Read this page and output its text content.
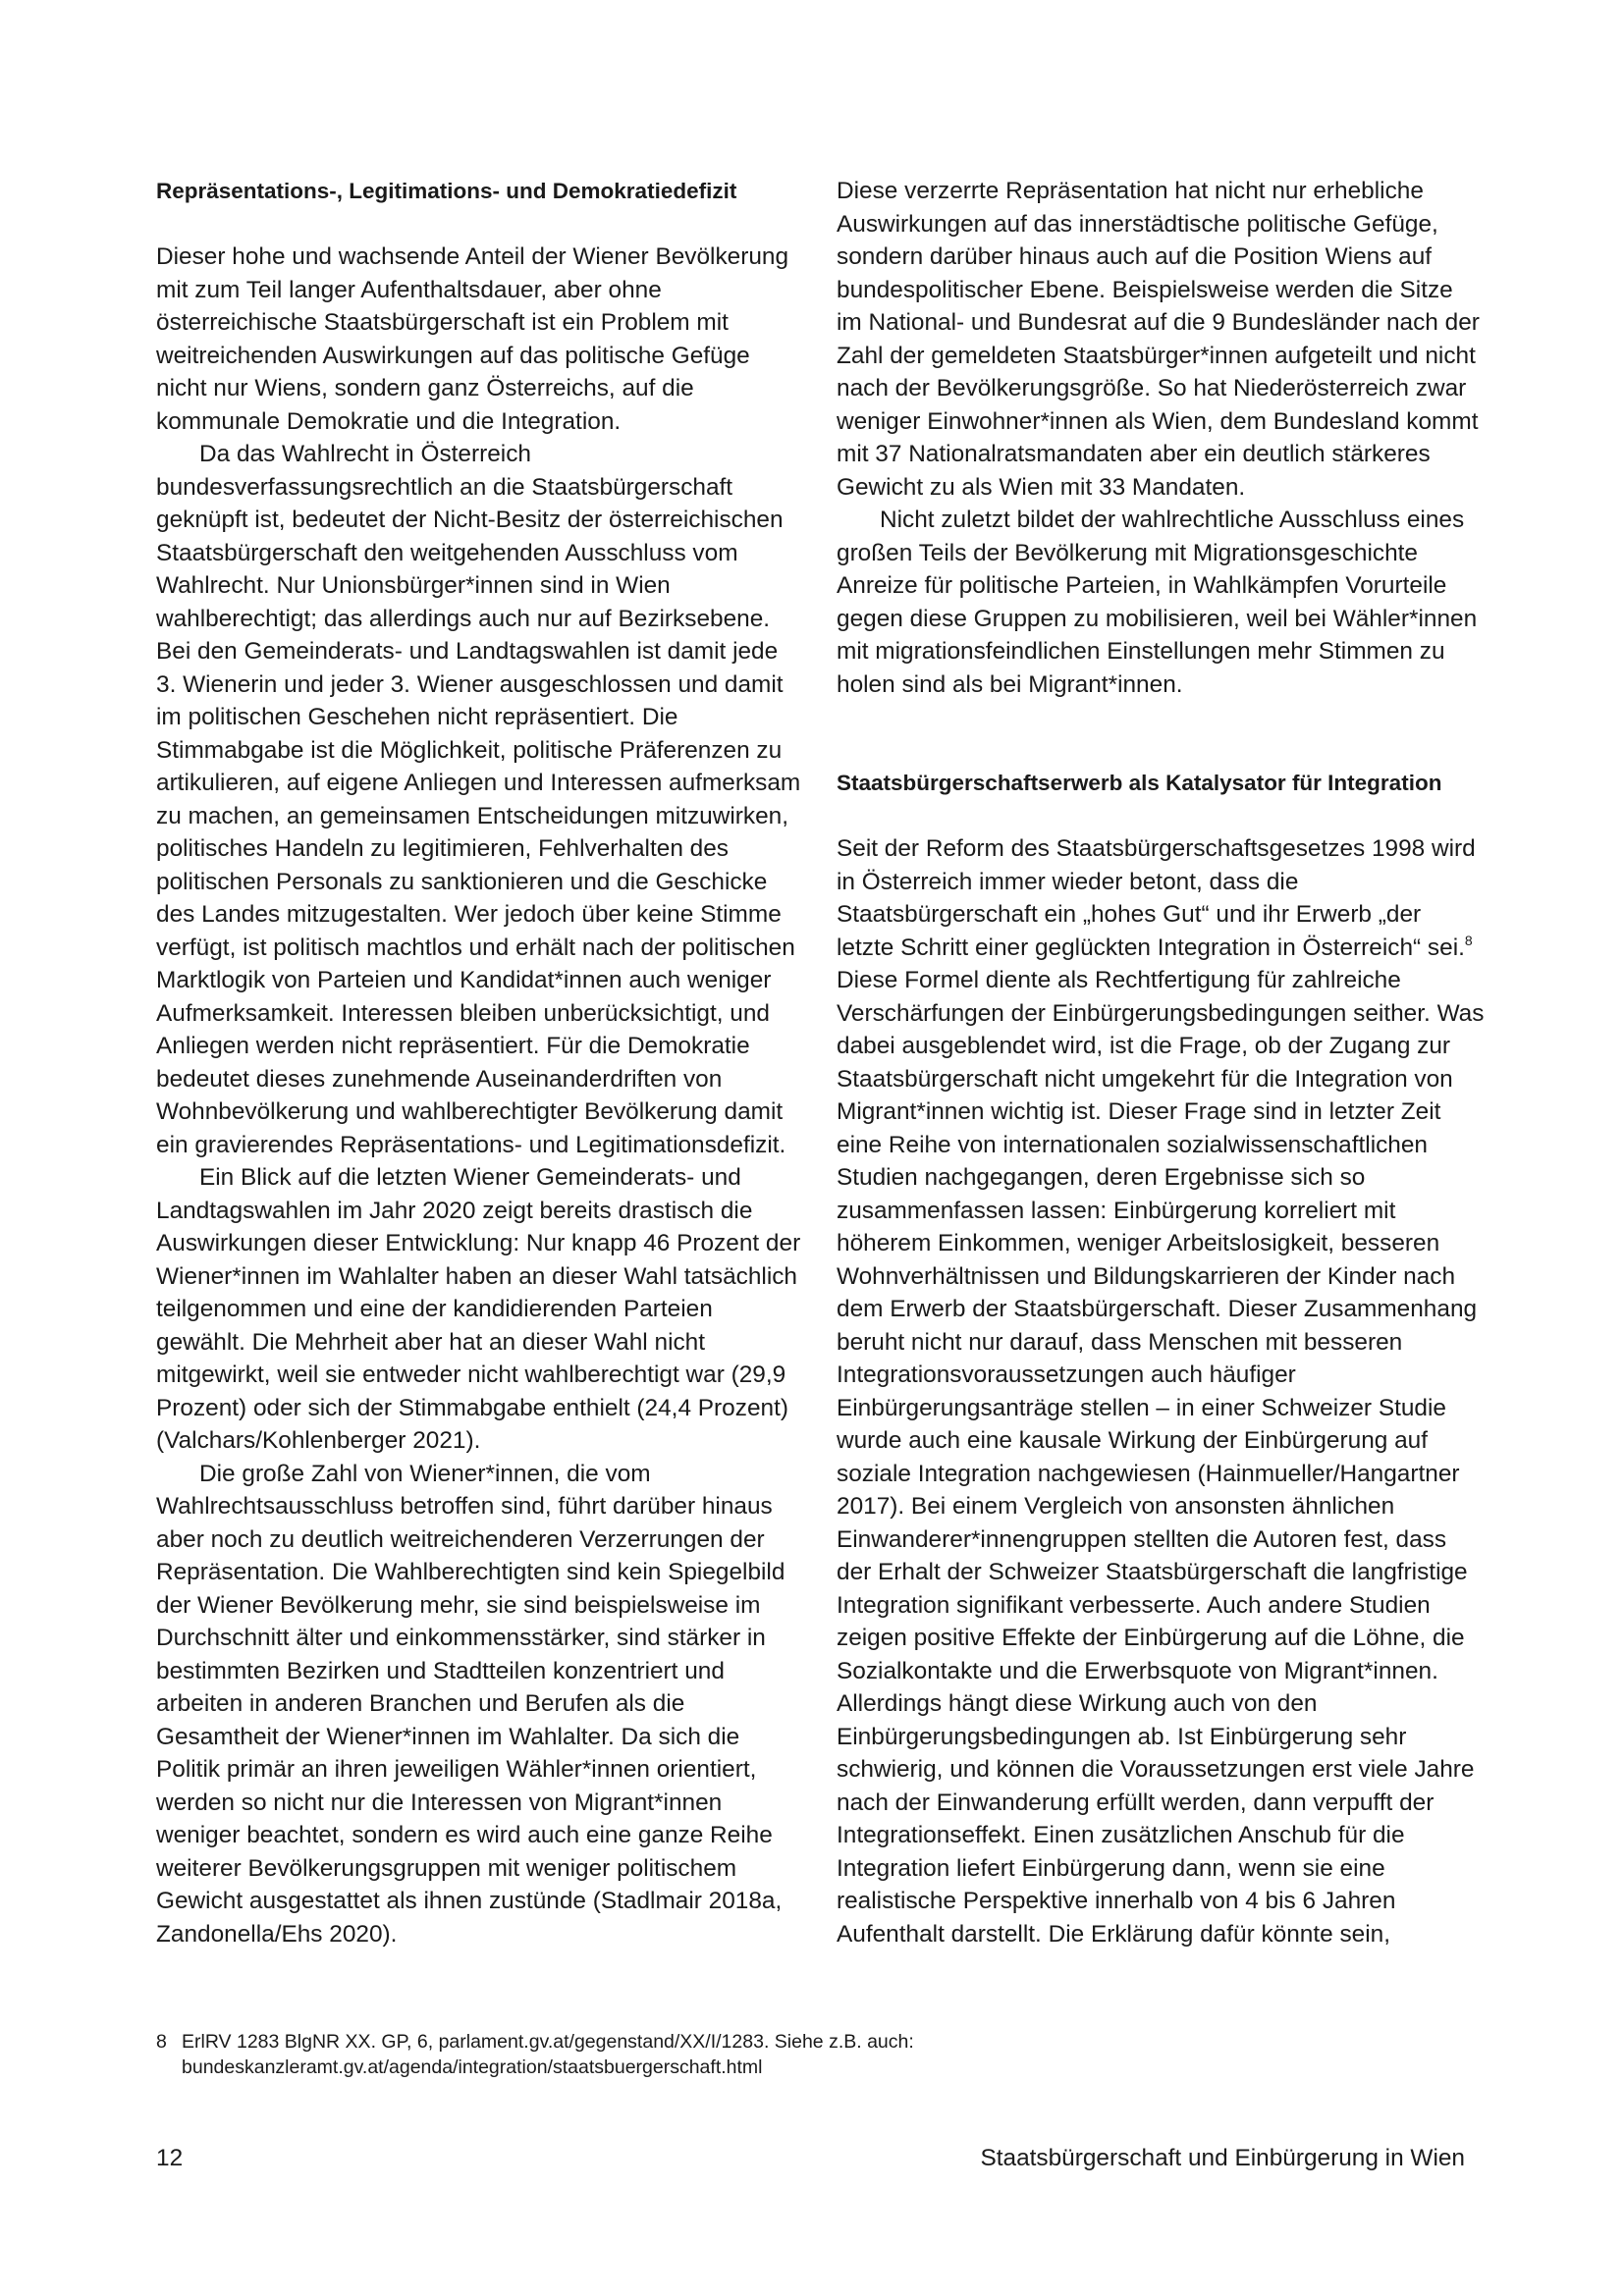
Repräsentations-, Legitimations- und Demokratiedefizit

Dieser hohe und wachsende Anteil der Wiener Bevölkerung mit zum Teil langer Aufenthaltsdauer, aber ohne österreichische Staatsbürgerschaft ist ein Problem mit weitreichenden Auswirkungen auf das politische Gefüge nicht nur Wiens, sondern ganz Österreichs, auf die kommunale Demokratie und die Integration.

Da das Wahlrecht in Österreich bundesverfassungsrechtlich an die Staatsbürgerschaft geknüpft ist, bedeutet der Nicht-Besitz der österreichischen Staatsbürgerschaft den weitgehenden Ausschluss vom Wahlrecht. Nur Unionsbürger*innen sind in Wien wahlberechtigt; das allerdings auch nur auf Bezirksebene. Bei den Gemeinderats- und Landtagswahlen ist damit jede 3. Wienerin und jeder 3. Wiener ausgeschlossen und damit im politischen Geschehen nicht repräsentiert. Die Stimmabgabe ist die Möglichkeit, politische Präferenzen zu artikulieren, auf eigene Anliegen und Interessen aufmerksam zu machen, an gemeinsamen Entscheidungen mitzuwirken, politisches Handeln zu legitimieren, Fehlverhalten des politischen Personals zu sanktionieren und die Geschicke des Landes mitzugestalten. Wer jedoch über keine Stimme verfügt, ist politisch machtlos und erhält nach der politischen Marktlogik von Parteien und Kandidat*innen auch weniger Aufmerksamkeit. Interessen bleiben unberücksichtigt, und Anliegen werden nicht repräsentiert. Für die Demokratie bedeutet dieses zunehmende Auseinanderdriften von Wohnbevölkerung und wahlberechtigter Bevölkerung damit ein gravierendes Repräsentations- und Legitimationsdefizit.

Ein Blick auf die letzten Wiener Gemeinderats- und Landtagswahlen im Jahr 2020 zeigt bereits drastisch die Auswirkungen dieser Entwicklung: Nur knapp 46 Prozent der Wiener*innen im Wahlalter haben an dieser Wahl tatsächlich teilgenommen und eine der kandidierenden Parteien gewählt. Die Mehrheit aber hat an dieser Wahl nicht mitgewirkt, weil sie entweder nicht wahlberechtigt war (29,9 Prozent) oder sich der Stimmabgabe enthielt (24,4 Prozent) (Valchars/Kohlenberger 2021).

Die große Zahl von Wiener*innen, die vom Wahlrechtsausschluss betroffen sind, führt darüber hinaus aber noch zu deutlich weitreichenderen Verzerrungen der Repräsentation. Die Wahlberechtigten sind kein Spiegelbild der Wiener Bevölkerung mehr, sie sind beispielsweise im Durchschnitt älter und einkommensstärker, sind stärker in bestimmten Bezirken und Stadtteilen konzentriert und arbeiten in anderen Branchen und Berufen als die Gesamtheit der Wiener*innen im Wahlalter. Da sich die Politik primär an ihren jeweiligen Wähler*innen orientiert, werden so nicht nur die Interessen von Migrant*innen weniger beachtet, sondern es wird auch eine ganze Reihe weiterer Bevölkerungsgruppen mit weniger politischem Gewicht ausgestattet als ihnen zustünde (Stadlmair 2018a, Zandonella/Ehs 2020).

Diese verzerrte Repräsentation hat nicht nur erhebliche Auswirkungen auf das innerstädtische politische Gefüge, sondern darüber hinaus auch auf die Position Wiens auf bundespolitischer Ebene. Beispielsweise werden die Sitze im National- und Bundesrat auf die 9 Bundesländer nach der Zahl der gemeldeten Staatsbürger*innen aufgeteilt und nicht nach der Bevölkerungsgröße. So hat Niederösterreich zwar weniger Einwohner*innen als Wien, dem Bundesland kommt mit 37 Nationalratsmandaten aber ein deutlich stärkeres Gewicht zu als Wien mit 33 Mandaten.

Nicht zuletzt bildet der wahlrechtliche Ausschluss eines großen Teils der Bevölkerung mit Migrationsgeschichte Anreize für politische Parteien, in Wahlkämpfen Vorurteile gegen diese Gruppen zu mobilisieren, weil bei Wähler*innen mit migrationsfeindlichen Einstellungen mehr Stimmen zu holen sind als bei Migrant*innen.

Staatsbürgerschaftserwerb als Katalysator für Integration

Seit der Reform des Staatsbürgerschaftsgesetzes 1998 wird in Österreich immer wieder betont, dass die Staatsbürgerschaft ein „hohes Gut“ und ihr Erwerb „der letzte Schritt einer geglückten Integration in Österreich“ sei.$^8$ Diese Formel diente als Rechtfertigung für zahlreiche Verschärfungen der Einbürgerungsbedingungen seither. Was dabei ausgeblendet wird, ist die Frage, ob der Zugang zur Staatsbürgerschaft nicht umgekehrt für die Integration von Migrant*innen wichtig ist. Dieser Frage sind in letzter Zeit eine Reihe von internationalen sozialwissenschaftlichen Studien nachgegangen, deren Ergebnisse sich so zusammenfassen lassen: Einbürgerung korreliert mit höherem Einkommen, weniger Arbeitslosigkeit, besseren Wohnverhältnissen und Bildungskarrieren der Kinder nach dem Erwerb der Staatsbürgerschaft. Dieser Zusammenhang beruht nicht nur darauf, dass Menschen mit besseren Integrationsvoraussetzungen auch häufiger Einbürgerungsanträge stellen – in einer Schweizer Studie wurde auch eine kausale Wirkung der Einbürgerung auf soziale Integration nachgewiesen (Hainmueller/Hangartner 2017). Bei einem Vergleich von ansonsten ähnlichen Einwanderer*innengruppen stellten die Autoren fest, dass der Erhalt der Schweizer Staatsbürgerschaft die langfristige Integration signifikant verbesserte. Auch andere Studien zeigen positive Effekte der Einbürgerung auf die Löhne, die Sozialkontakte und die Erwerbsquote von Migrant*innen. Allerdings hängt diese Wirkung auch von den Einbürgerungsbedingungen ab. Ist Einbürgerung sehr schwierig, und können die Voraussetzungen erst viele Jahre nach der Einwanderung erfüllt werden, dann verpufft der Integrationseffekt. Einen zusätzlichen Anschub für die Integration liefert Einbürgerung dann, wenn sie eine realistische Perspektive innerhalb von 4 bis 6 Jahren Aufenthalt darstellt. Die Erklärung dafür könnte sein,

8 ErlRV 1283 BlgNR XX. GP, 6, parlament.gv.at/gegenstand/XX/I/1283. Siehe z.B. auch: bundeskanzleramt.gv.at/agenda/integration/staatsbuergerschaft.html
12	Staatsbürgerschaft und Einbürgerung in Wien
